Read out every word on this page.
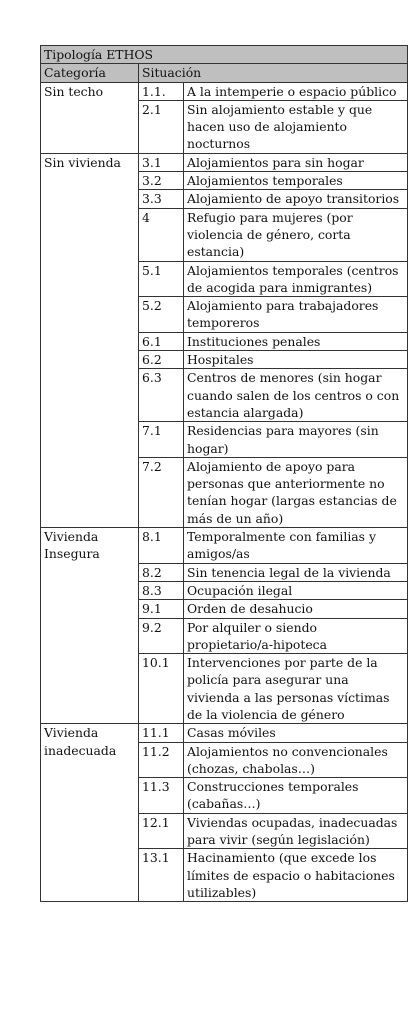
Tipología ETHOS		
Categoría	Situación	
Sin techo	1.1.	A la intemperie o espacio público
	2.1	Sin alojamiento estable y que hacen uso de alojamiento nocturnos
Sin vivienda	3.1	Alojamientos para sin hogar
	3.2	Alojamientos temporales
	3.3	Alojamiento de apoyo transitorios
	4	Refugio para mujeres (por violencia de género, corta estancia)
	5.1	Alojamientos temporales (centros de acogida para inmigrantes)
	5.2	Alojamiento para trabajadores temporeros
	6.1	Instituciones penales
	6.2	Hospitales
	6.3	Centros de menores (sin hogar cuando salen de los centros o con estancia alargada)
	7.1	Residencias para mayores (sin hogar)
	7.2	Alojamiento de apoyo para personas que anteriormente no tenían hogar (largas estancias de más de un año)
Vivienda Insegura	8.1	Temporalmente con familias y amigos/as
	8.2	Sin tenencia legal de la vivienda
	8.3	Ocupación ilegal
	9.1	Orden de desahucio
	9.2	Por alquiler o siendo propietario/a-hipoteca
	10.1	Intervenciones por parte de la policía para asegurar una vivienda a las personas víctimas de la violencia de género
Vivienda inadecuada	11.1	Casas móviles
	11.2	Alojamientos no convencionales (chozas, chabolas…)
	11.3	Construcciones temporales (cabañas…)
	12.1	Viviendas ocupadas, inadecuadas para vivir (según legislación)
	13.1	Hacinamiento (que excede los límites de espacio o habitaciones utilizables)
